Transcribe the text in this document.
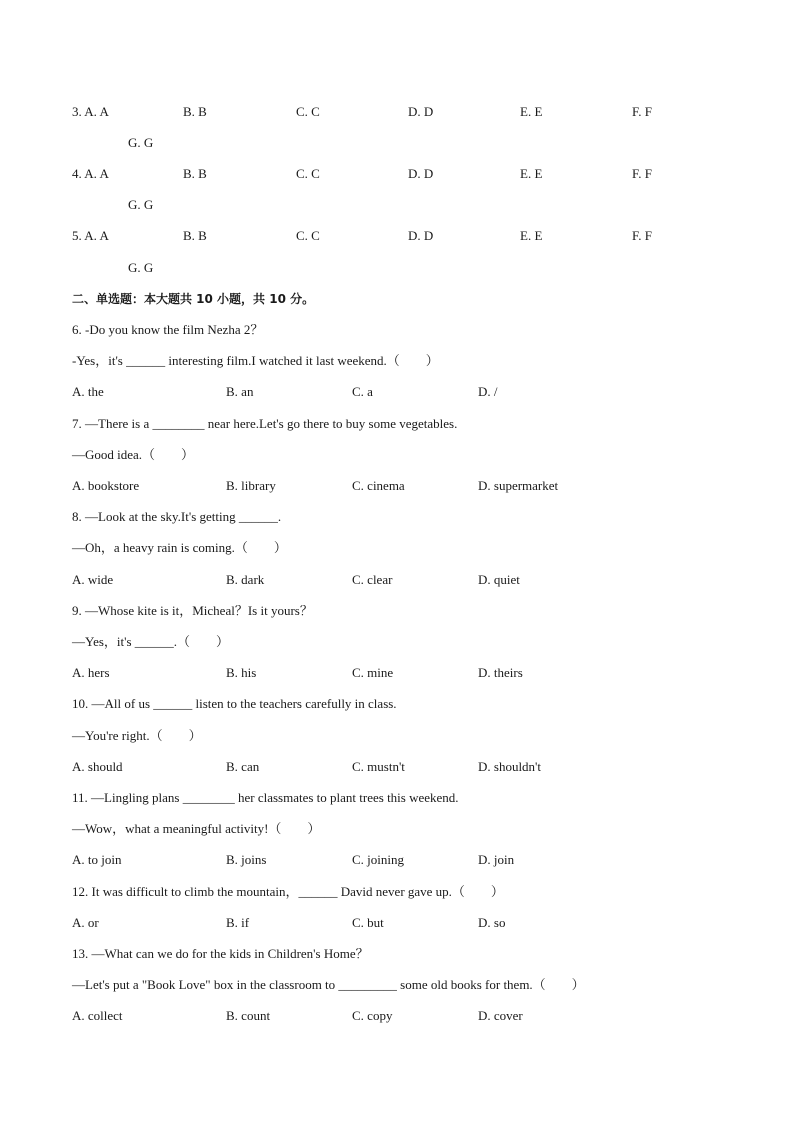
3. A. A	B. B	C. C	D. D	E. E	F. F
G. G
4. A. A	B. B	C. C	D. D	E. E	F. F
G. G
5. A. A	B. B	C. C	D. D	E. E	F. F
G. G
二、单选题：本大题共 10 小题，共 10 分。
6. -Do you know the film Nezha 2？
-Yes，it's ______ interesting film.I watched it last weekend.（　　）
A. the	B. an	C. a	D. /
7. —There is a ________ near here.Let's go there to buy some vegetables.
—Good idea.（　　）
A. bookstore	B. library	C. cinema	D. supermarket
8. —Look at the sky.It's getting ______.
—Oh，a heavy rain is coming.（　　）
A. wide	B. dark	C. clear	D. quiet
9. —Whose kite is it，Micheal？Is it yours？
—Yes，it's ______.（　　）
A. hers	B. his	C. mine	D. theirs
10. —All of us ______ listen to the teachers carefully in class.
—You're right.（　　）
A. should	B. can	C. mustn't	D. shouldn't
11. —Lingling plans ________ her classmates to plant trees this weekend.
—Wow，what a meaningful activity!（　　）
A. to join	B. joins	C. joining	D. join
12. It was difficult to climb the mountain，______ David never gave up.（　　）
A. or	B. if	C. but	D. so
13. —What can we do for the kids in Children's Home？
—Let's put a "Book Love" box in the classroom to _________ some old books for them.（　　）
A. collect	B. count	C. copy	D. cover
